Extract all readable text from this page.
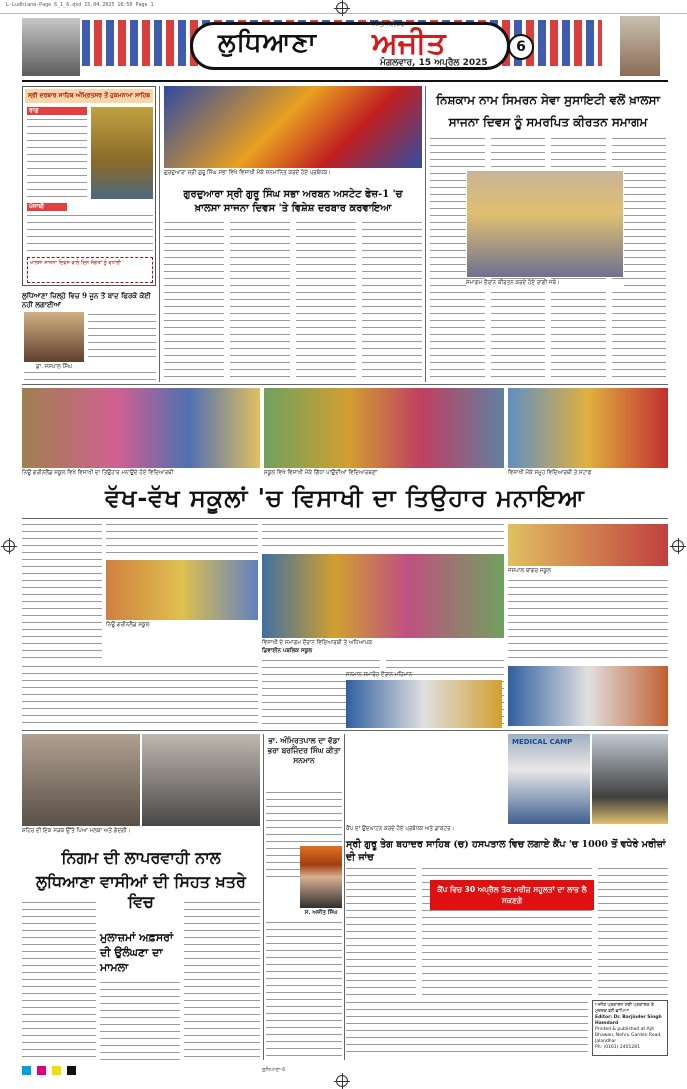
L-Ludhiana-Page 6_1_6.qxd 15.04.2025 16:50 Page 1
ਲੁਧਿਆਣਾ ਅਜੀਤ
ਅਜੀਤ ਜਲੰਧਰ
ਮੰਗਲਵਾਰ, 15 ਅਪ੍ਰੈਲ 2025
6
ਸ੍ਰੀ ਦਰਬਾਰ ਸਾਹਿਬ ਅੰਮ੍ਰਿਤਸਰ ਤੋਂ ਹੁਕਮਨਾਮਾ ਸਾਹਿਬ
ਰਾਗੁ
ਪੰਜਾਬੀ
ਖਾਲਸਾ ਸਾਜਨਾ ਦਿਵਸ ਵਾਲੇ ਦਿਨ ਸੰਗਤਾਂ ਨੂੰ ਵਧਾਈ
ਲੁਧਿਆਣਾ ਜ਼ਿਲ੍ਹੇ ਵਿਚ 9 ਜੂਨ ਤੋਂ ਬਾਦ ਫਿਰਕੋ ਕੋਈ ਨਹੀਂ ਲਗਾਈਆਂ
ਡਾ. ਜਸਪਾਲ ਸਿੰਘ
ਗੁਰਦੁਆਰਾ ਸ੍ਰੀ ਗੁਰੂ ਸਿੰਘ ਸਭਾ ਵਿਖੇ ਵਿਸਾਖੀ ਮੌਕੇ ਸਨਮਾਨਿਤ ਕਰਦੇ ਹੋਏ ਪ੍ਰਬੰਧਕ।
ਗੁਰਦੁਆਰਾ ਸ੍ਰੀ ਗੁਰੂ ਸਿੰਘ ਸਭਾ ਅਰਬਨ ਅਸਟੇਟ ਫੇਜ਼-1 'ਚ
ਖ਼ਾਲਸਾ ਸਾਜਨਾ ਦਿਵਸ 'ਤੇ ਵਿਸ਼ੇਸ਼ ਦਰਬਾਰ ਕਰਵਾਇਆ
ਨਿਸ਼ਕਾਮ ਨਾਮ ਸਿਮਰਨ ਸੇਵਾ ਸੁਸਾਇਟੀ ਵਲੋਂ ਖ਼ਾਲਸਾ
ਸਾਜਨਾ ਦਿਵਸ ਨੂੰ ਸਮਰਪਿਤ ਕੀਰਤਨ ਸਮਾਗਮ
ਸਮਾਗਮ ਦੌਰਾਨ ਕੀਰਤਨ ਕਰਦੇ ਹੋਏ ਰਾਗੀ ਜਥੇ।
ਨਿਊ ਗਰੀਨਲੈਂਡ ਸਕੂਲ ਵਿਖੇ ਵਿਸਾਖੀ ਦਾ ਤਿਉਹਾਰ ਮਨਾਉਂਦੇ ਹੋਏ ਵਿਦਿਆਰਥੀ	ਸਕੂਲ ਵਿਖੇ ਵਿਸਾਖੀ ਮੌਕੇ ਗਿੱਧਾ ਪਾਉਂਦੀਆਂ ਵਿਦਿਆਰਥਣਾਂ	ਵਿਸਾਖੀ ਮੌਕੇ ਸਮੂਹ ਵਿਦਿਆਰਥੀ ਤੇ ਸਟਾਫ
ਵੱਖ-ਵੱਖ ਸਕੂਲਾਂ 'ਚ ਵਿਸਾਖੀ ਦਾ ਤਿਉਹਾਰ ਮਨਾਇਆ
ਨਿਊ ਗਰੀਨਲੈਂਡ ਸਕੂਲ
ਵਿਸਾਖੀ ਦੇ ਸਮਾਗਮ ਦੌਰਾਨ ਵਿਦਿਆਰਥੀ ਤੇ ਅਧਿਆਪਕ
ਡਿਵਾਈਨ ਪਬਲਿਕ ਸਕੂਲ
ਜਸਪਾਲ ਬਾਂਗਰ ਸਕੂਲ
ਸਨਮਾਨ ਸਮਾਰੋਹ ਦੌਰਾਨ ਮਹਿਮਾਨ
ਸ਼ਹਿਰ ਦੀ ਇਕ ਸੜਕ ਉੱਤੇ ਪਿਆ ਮਲਬਾ ਅਤੇ ਗੰਦਗੀ।
ਨਿਗਮ ਦੀ ਲਾਪਰਵਾਹੀ ਨਾਲ
ਲੁਧਿਆਣਾ ਵਾਸੀਆਂ ਦੀ ਸਿਹਤ ਖ਼ਤਰੇ ਵਿਚ
ਮੁਲਾਜ਼ਮਾਂ ਅਫ਼ਸਰਾਂ ਦੀ ਉਲੰਘਣਾ ਦਾ ਮਾਮਲਾ
ਭਾ. ਅੰਮ੍ਰਿਤਪਾਲ ਦਾ ਵੱਡਾ ਭਰਾ ਬਰਜਿੰਦਰ ਸਿੰਘ ਕੀਤਾ ਸਨਮਾਨ
ਸ. ਅਜੀਤ ਸਿੰਘ
MEDICAL CAMP
ਕੈਂਪ ਦਾ ਉਦਘਾਟਨ ਕਰਦੇ ਹੋਏ ਪ੍ਰਬੰਧਕ ਅਤੇ ਡਾਕਟਰ।
ਸ੍ਰੀ ਗੁਰੂ ਤੇਗ ਬਹਾਦਰ ਸਾਹਿਬ (ਚ) ਹਸਪਤਾਲ ਵਿਚ ਲਗਾਏ ਕੈਂਪ 'ਚ 1000 ਤੋਂ ਵਧੇਰੇ ਮਰੀਜ਼ਾਂ ਦੀ ਜਾਂਚ
ਕੈਂਪ ਵਿਚ 30 ਅਪ੍ਰੈਲ ਤੱਕ ਮਰੀਜ਼ ਸਹੂਲਤਾਂ ਦਾ ਲਾਭ ਲੈ ਸਕਣਗੇ
ਅਜੀਤ ਪ੍ਰਕਾਸ਼ਨ ਲਈ ਪ੍ਰਕਾਸ਼ਕ ਤੇ ਮੁਦਰਕ ਵਲੋਂ ਛਾਪਿਆ
Editor: Dr. Barjinder Singh Hamdard
Printed & published at Ajit Bhawan, Nehru Garden Road, Jalandhar
Ph: (0161) 2401281
ਲੁਧਿਆਣਾ-6
